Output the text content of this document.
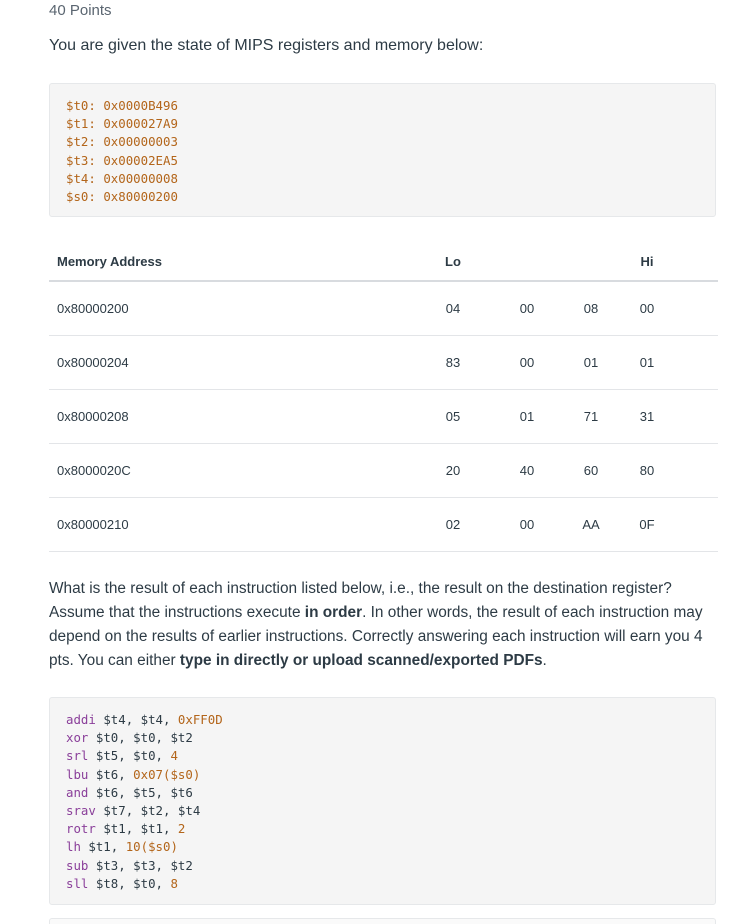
40 Points
You are given the state of MIPS registers and memory below:
$t0: 0x0000B496
$t1: 0x000027A9
$t2: 0x00000003
$t3: 0x00002EA5
$t4: 0x00000008
$s0: 0x80000200
Memory Address	Lo			Hi	
0x80000200	04	00	08	00	
0x80000204	83	00	01	01	
0x80000208	05	01	71	31	
0x8000020C	20	40	60	80	
0x80000210	02	00	AA	0F	
What is the result of each instruction listed below, i.e., the result on the destination register? Assume that the instructions execute in order. In other words, the result of each instruction may depend on the results of earlier instructions. Correctly answering each instruction will earn you 4 pts. You can either type in directly or upload scanned/exported PDFs.
addi $t4, $t4, 0xFF0D
xor $t0, $t0, $t2
srl $t5, $t0, 4
lbu $t6, 0x07($s0)
and $t6, $t5, $t6
srav $t7, $t2, $t4
rotr $t1, $t1, 2
lh $t1, 10($s0)
sub $t3, $t3, $t2
sll $t8, $t0, 8
